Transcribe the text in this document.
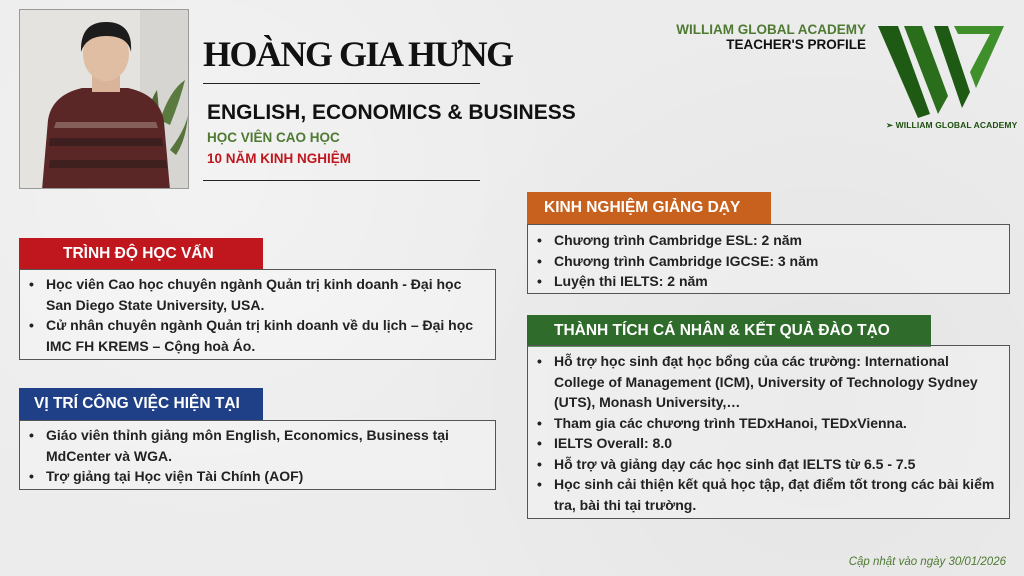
HOÀNG GIA HƯNG
ENGLISH, ECONOMICS & BUSINESS
HỌC VIÊN CAO HỌC
10 NĂM KINH NGHIỆM
WILLIAM GLOBAL ACADEMY
TEACHER'S PROFILE
➢ WILLIAM GLOBAL ACADEMY
TRÌNH ĐỘ HỌC VẤN
• Học viên Cao học chuyên ngành Quản trị kinh doanh - Đại học San Diego State University, USA.
• Cử nhân chuyên ngành Quản trị kinh doanh về du lịch – Đại học IMC FH KREMS – Cộng hoà Áo.
VỊ TRÍ CÔNG VIỆC HIỆN TẠI
• Giáo viên thỉnh giảng môn English, Economics, Business tại MdCenter và WGA.
• Trợ giảng tại Học viện Tài Chính (AOF)
KINH NGHIỆM GIẢNG DẠY
• Chương trình Cambridge ESL: 2 năm
• Chương trình Cambridge IGCSE: 3 năm
• Luyện thi IELTS: 2 năm
THÀNH TÍCH CÁ NHÂN & KẾT QUẢ ĐÀO TẠO
• Hỗ trợ học sinh đạt học bổng của các trường: International College of Management (ICM), University of Technology Sydney (UTS), Monash University,…
• Tham gia các chương trình TEDxHanoi, TEDxVienna.
• IELTS Overall: 8.0
• Hỗ trợ và giảng dạy các học sinh đạt IELTS từ 6.5 - 7.5
• Học sinh cải thiện kết quả học tập, đạt điểm tốt trong các bài kiểm tra, bài thi tại trường.
Cập nhật vào ngày 30/01/2026
